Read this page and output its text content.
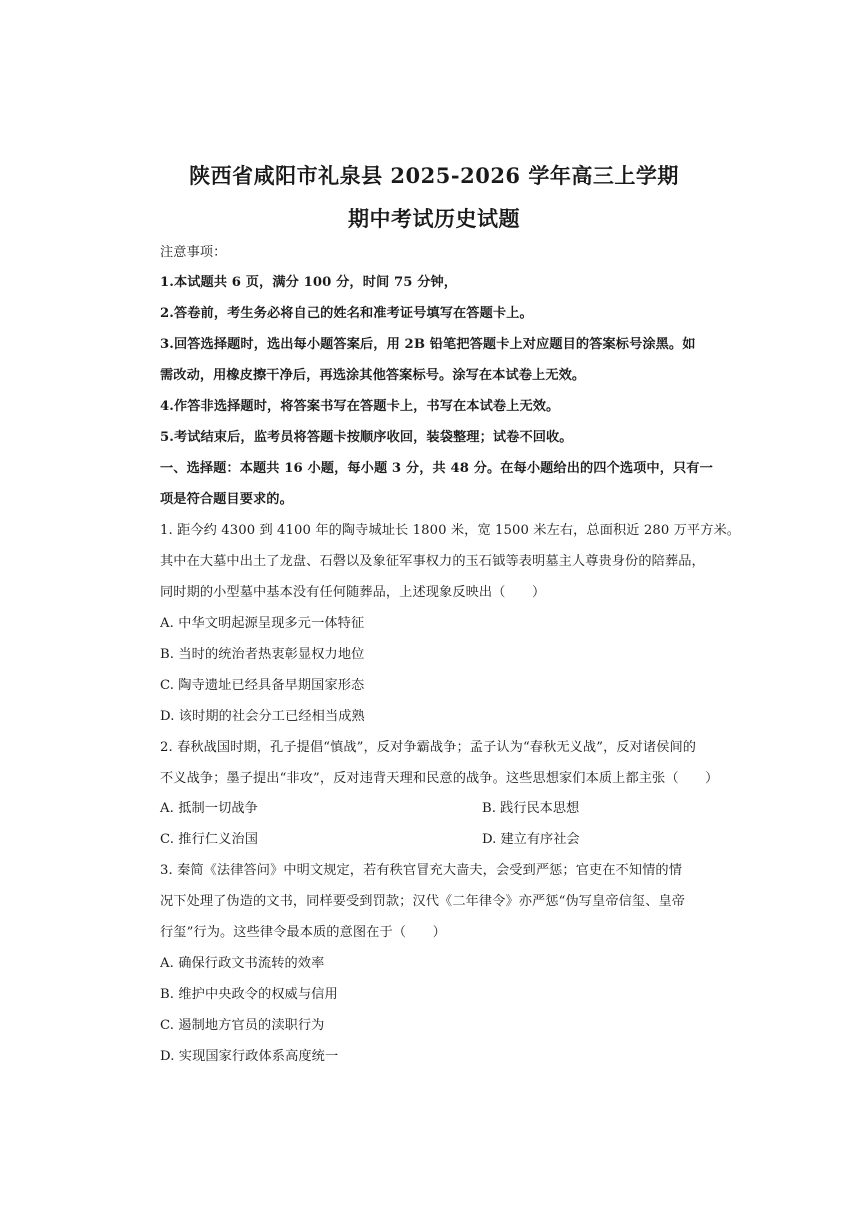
陕西省咸阳市礼泉县 2025-2026 学年高三上学期
期中考试历史试题
注意事项：
1.本试题共 6 页，满分 100 分，时间 75 分钟，
2.答卷前，考生务必将自己的姓名和准考证号填写在答题卡上。
3.回答选择题时，选出每小题答案后，用 2B 铅笔把答题卡上对应题目的答案标号涂黑。如
需改动，用橡皮擦干净后，再选涂其他答案标号。涂写在本试卷上无效。
4.作答非选择题时，将答案书写在答题卡上，书写在本试卷上无效。
5.考试结束后，监考员将答题卡按顺序收回，装袋整理；试卷不回收。
一、选择题：本题共 16 小题，每小题 3 分，共 48 分。在每小题给出的四个选项中，只有一
项是符合题目要求的。
1. 距今约 4300 到 4100 年的陶寺城址长 1800 米，宽 1500 米左右，总面积近 280 万平方米。
其中在大墓中出土了龙盘、石磬以及象征军事权力的玉石钺等表明墓主人尊贵身份的陪葬品，
同时期的小型墓中基本没有任何随葬品，上述现象反映出（　　）
A. 中华文明起源呈现多元一体特征
B. 当时的统治者热衷彰显权力地位
C. 陶寺遗址已经具备早期国家形态
D. 该时期的社会分工已经相当成熟
2. 春秋战国时期，孔子提倡“慎战”，反对争霸战争；孟子认为“春秋无义战”，反对诸侯间的
不义战争；墨子提出“非攻”，反对违背天理和民意的战争。这些思想家们本质上都主张（　　）
A. 抵制一切战争	B. 践行民本思想
C. 推行仁义治国	D. 建立有序社会
3. 秦简《法律答问》中明文规定，若有秩官冒充大啬夫，会受到严惩；官吏在不知情的情
况下处理了伪造的文书，同样要受到罚款；汉代《二年律令》亦严惩“伪写皇帝信玺、皇帝
行玺”行为。这些律令最本质的意图在于（　　）
A. 确保行政文书流转的效率
B. 维护中央政令的权威与信用
C. 遏制地方官员的渎职行为
D. 实现国家行政体系高度统一
